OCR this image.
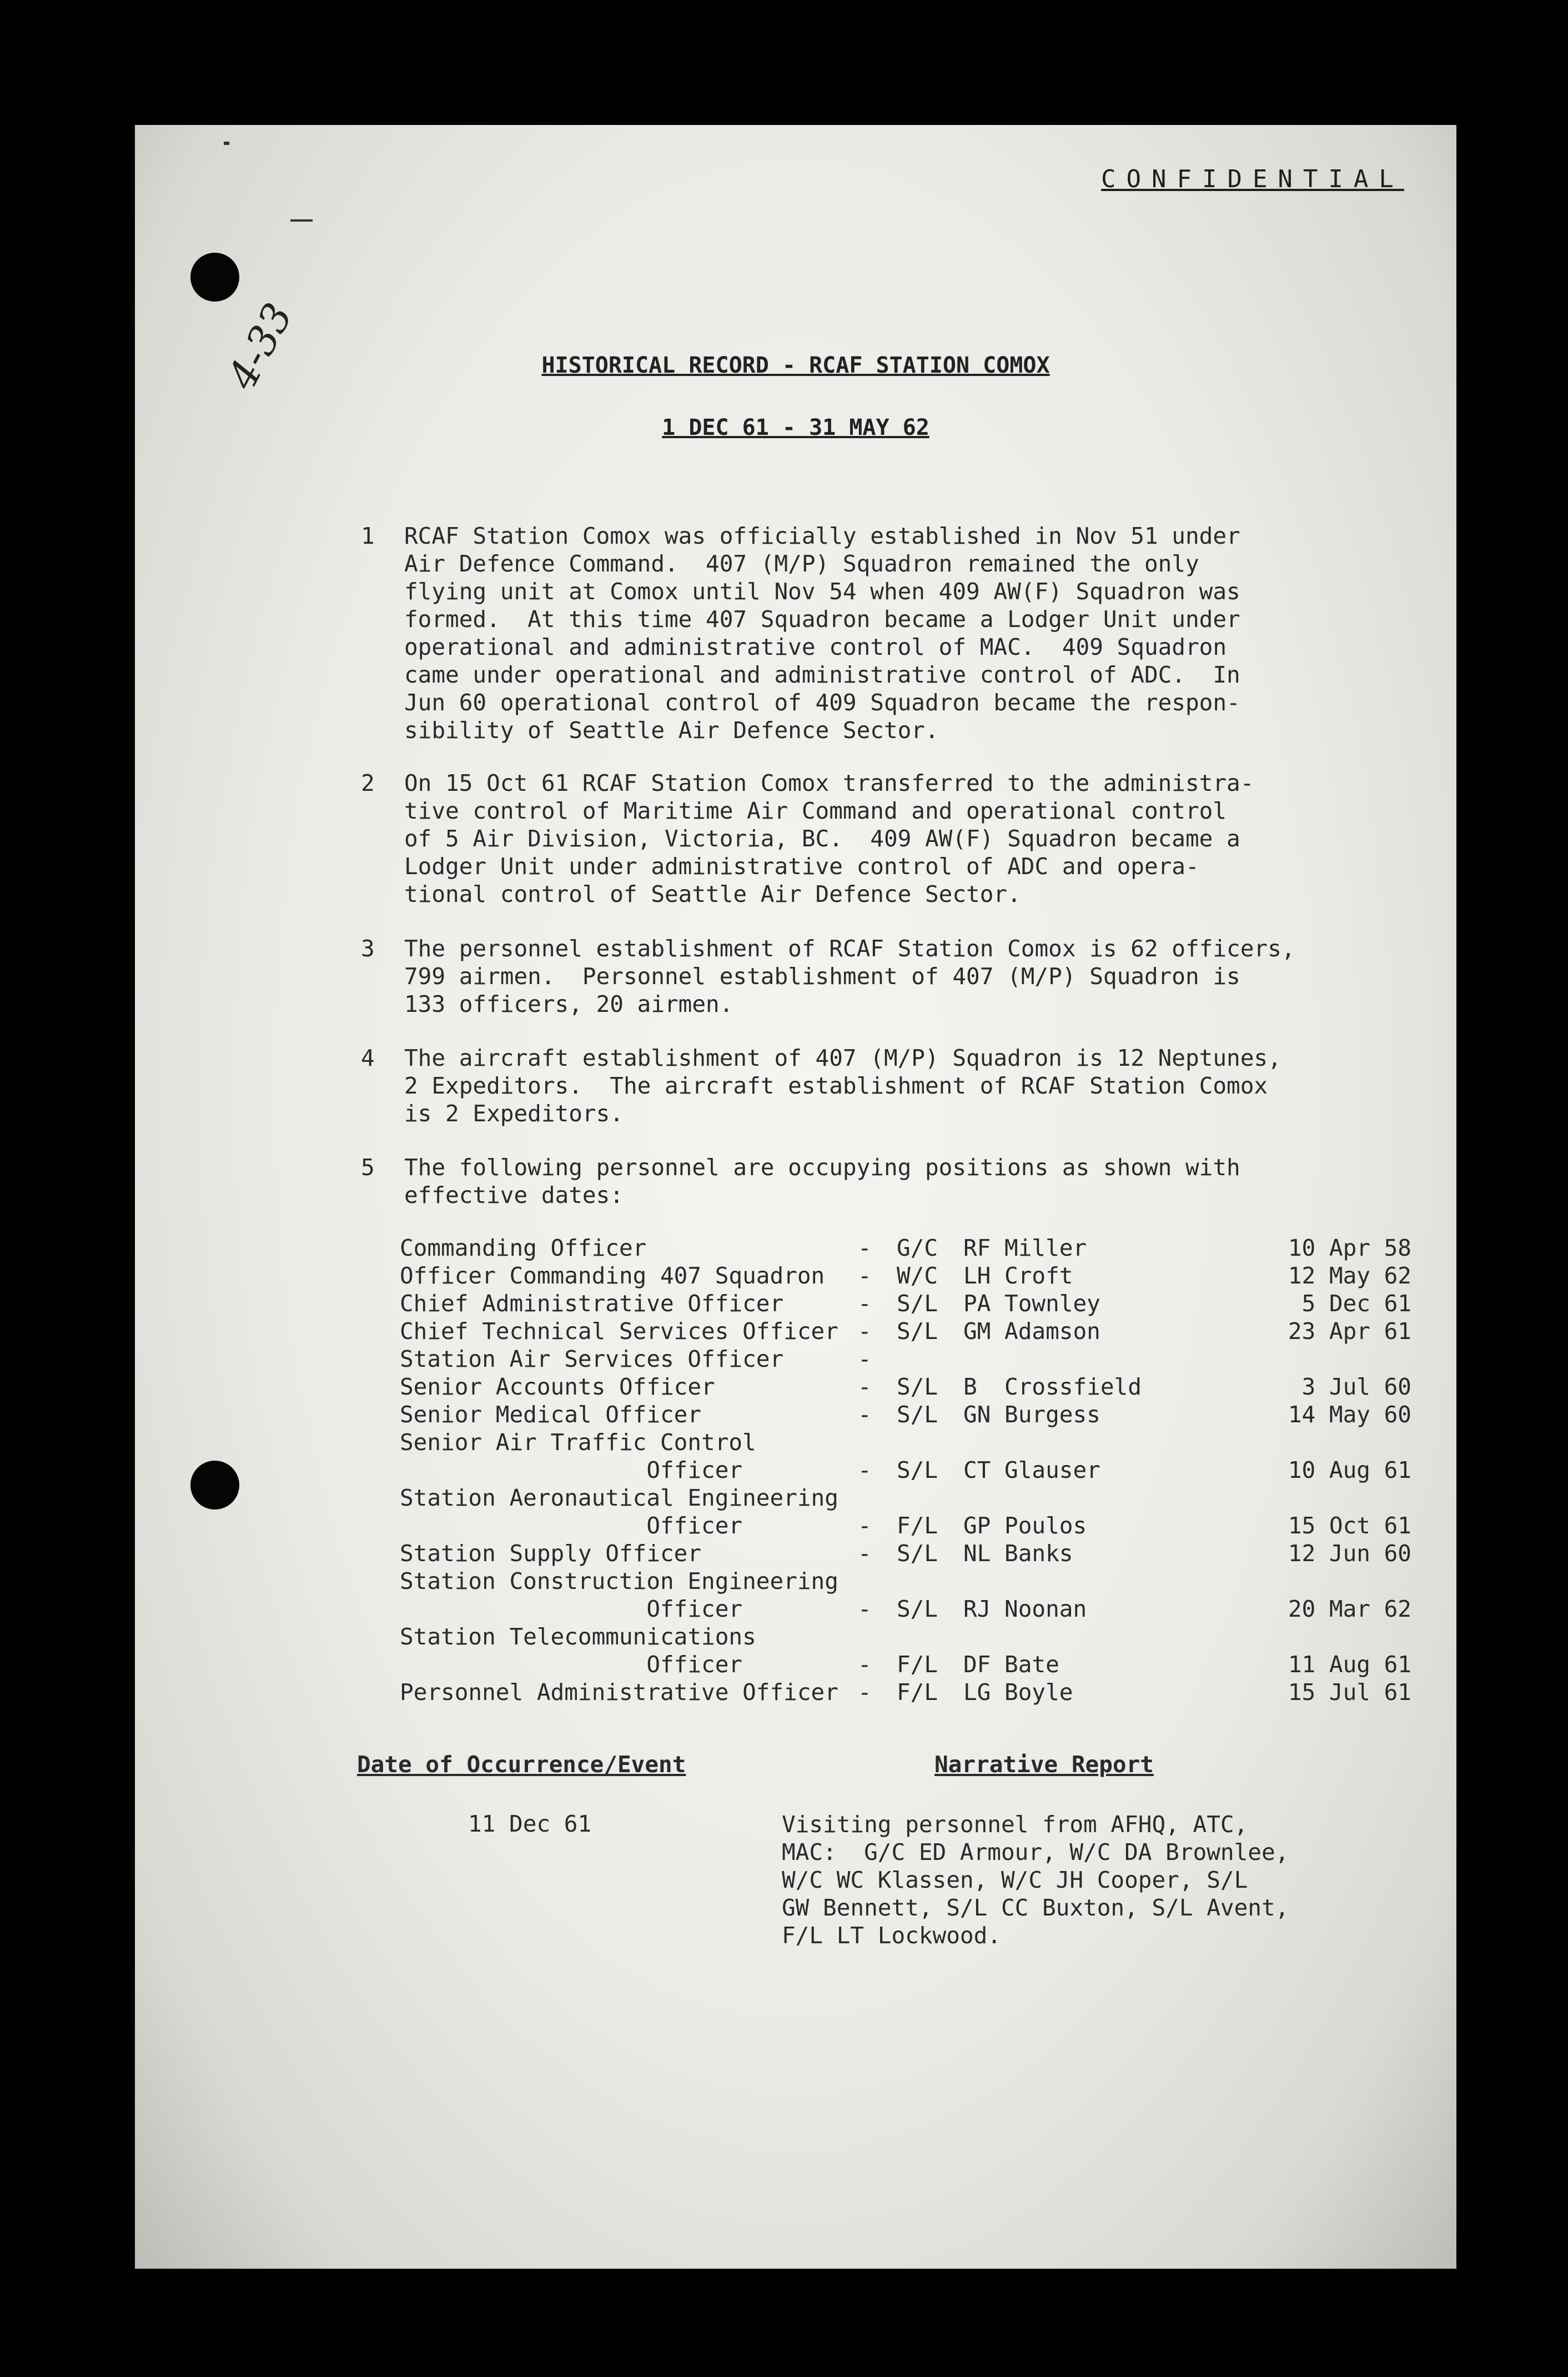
CONFIDENTIAL
4-33	HISTORICAL RECORD - RCAF STATION COMOX
1 DEC 61 - 31 MAY 62
1 RCAF Station Comox was officially established in Nov 51 under
Air Defence Command.  407 (M/P) Squadron remained the only
flying unit at Comox until Nov 54 when 409 AW(F) Squadron was
formed.  At this time 407 Squadron became a Lodger Unit under
operational and administrative control of MAC.  409 Squadron
came under operational and administrative control of ADC.  In
Jun 60 operational control of 409 Squadron became the respon-
sibility of Seattle Air Defence Sector.
2 On 15 Oct 61 RCAF Station Comox transferred to the administra-
tive control of Maritime Air Command and operational control
of 5 Air Division, Victoria, BC.  409 AW(F) Squadron became a
Lodger Unit under administrative control of ADC and opera-
tional control of Seattle Air Defence Sector.
3 The personnel establishment of RCAF Station Comox is 62 officers,
799 airmen.  Personnel establishment of 407 (M/P) Squadron is
133 officers, 20 airmen.
4 The aircraft establishment of 407 (M/P) Squadron is 12 Neptunes,
2 Expeditors.  The aircraft establishment of RCAF Station Comox
is 2 Expeditors.
5 The following personnel are occupying positions as shown with
effective dates:
Commanding Officer	- G/C RF Miller	10 Apr 58
Officer Commanding 407 Squadron - W/C LH Croft	12 May 62
Chief Administrative Officer	- S/L PA Townley	5 Dec 61
Chief Technical Services Officer - S/L GM Adamson	23 Apr 61
Station Air Services Officer	-
Senior Accounts Officer	- S/L B  Crossfield	3 Jul 60
Senior Medical Officer	- S/L GN Burgess	14 May 60
Senior Air Traffic Control
Officer	- S/L CT Glauser	10 Aug 61
Station Aeronautical Engineering
Officer	- F/L GP Poulos	15 Oct 61
Station Supply Officer	- S/L NL Banks	12 Jun 60
Station Construction Engineering
Officer	- S/L RJ Noonan	20 Mar 62
Station Telecommunications
Officer	- F/L DF Bate	11 Aug 61
Personnel Administrative Officer - F/L LG Boyle	15 Jul 61
Date of Occurrence/Event	Narrative Report
11 Dec 61	Visiting personnel from AFHQ, ATC,
MAC:  G/C ED Armour, W/C DA Brownlee,
W/C WC Klassen, W/C JH Cooper, S/L
GW Bennett, S/L CC Buxton, S/L Avent,
F/L LT Lockwood.
